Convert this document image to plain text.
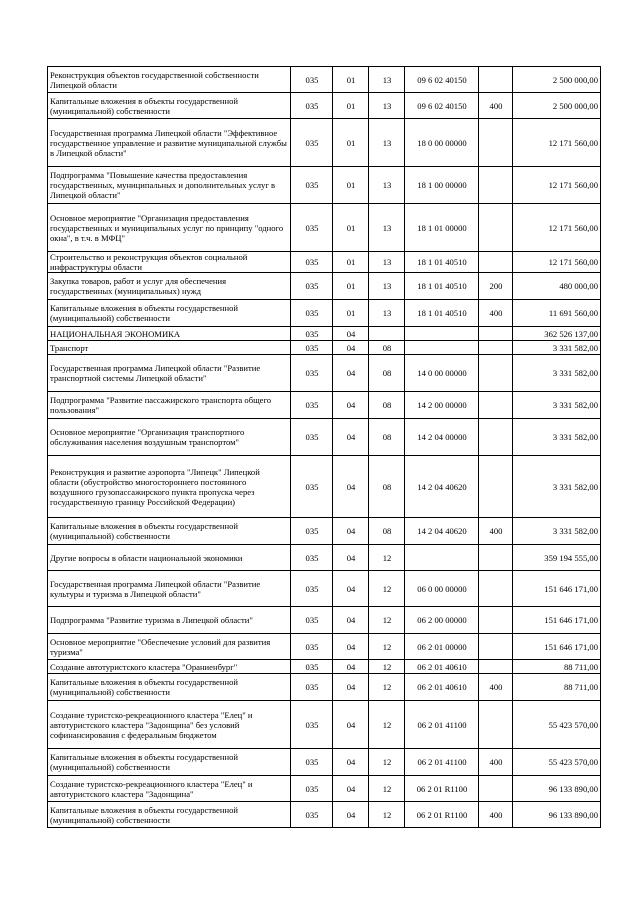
Реконструкция объектов государственной собственности Липецкой области	035	01	13	09 6 02 40150		2 500 000,00
Капитальные вложения в объекты государственной (муниципальной) собственности	035	01	13	09 6 02 40150	400	2 500 000,00
Государственная программа Липецкой области "Эффективное государственное управление и развитие муниципальной службы в Липецкой области"	035	01	13	18 0 00 00000		12 171 560,00
Подпрограмма "Повышение качества предоставления государственных, муниципальных и дополнительных услуг в Липецкой области"	035	01	13	18 1 00 00000		12 171 560,00
Основное мероприятие "Организация предоставления государственных и муниципальных услуг по принципу "одного окна", в т.ч. в МФЦ"	035	01	13	18 1 01 00000		12 171 560,00
Строительство и реконструкция объектов социальной инфраструктуры области	035	01	13	18 1 01 40510		12 171 560,00
Закупка товаров, работ и услуг для обеспечения государственных (муниципальных) нужд	035	01	13	18 1 01 40510	200	480 000,00
Капитальные вложения в объекты государственной (муниципальной) собственности	035	01	13	18 1 01 40510	400	11 691 560,00
НАЦИОНАЛЬНАЯ ЭКОНОМИКА	035	04				362 526 137,00
Транспорт	035	04	08			3 331 582,00
Государственная программа Липецкой области "Развитие транспортной системы Липецкой области"	035	04	08	14 0 00 00000		3 331 582,00
Подпрограмма "Развитие пассажирского транспорта общего пользования"	035	04	08	14 2 00 00000		3 331 582,00
Основное мероприятие "Организация транспортного обслуживания населения воздушным транспортом"	035	04	08	14 2 04 00000		3 331 582,00
Реконструкция и развитие аэропорта "Липецк" Липецкой области (обустройство многостороннего постоянного воздушного грузопассажирского пункта пропуска через государственную границу Российской Федерации)	035	04	08	14 2 04 40620		3 331 582,00
Капитальные вложения в объекты государственной (муниципальной) собственности	035	04	08	14 2 04 40620	400	3 331 582,00
Другие вопросы в области национальной экономики	035	04	12			359 194 555,00
Государственная программа Липецкой области "Развитие культуры и туризма в Липецкой области"	035	04	12	06 0 00 00000		151 646 171,00
Подпрограмма "Развитие туризма в Липецкой области"	035	04	12	06 2 00 00000		151 646 171,00
Основное мероприятие "Обеспечение условий для развития туризма"	035	04	12	06 2 01 00000		151 646 171,00
Создание автотуристского кластера "Ораниенбург"	035	04	12	06 2 01 40610		88 711,00
Капитальные вложения в объекты государственной (муниципальной) собственности	035	04	12	06 2 01 40610	400	88 711,00
Создание туристско-рекреационного кластера "Елец" и автотуристского кластера "Задонщина" без условий софинансирования с федеральным бюджетом	035	04	12	06 2 01 41100		55 423 570,00
Капитальные вложения в объекты государственной (муниципальной) собственности	035	04	12	06 2 01 41100	400	55 423 570,00
Создание туристско-рекреационного кластера "Елец" и автотуристского кластера "Задонщина"	035	04	12	06 2 01 R1100		96 133 890,00
Капитальные вложения в объекты государственной (муниципальной) собственности	035	04	12	06 2 01 R1100	400	96 133 890,00
